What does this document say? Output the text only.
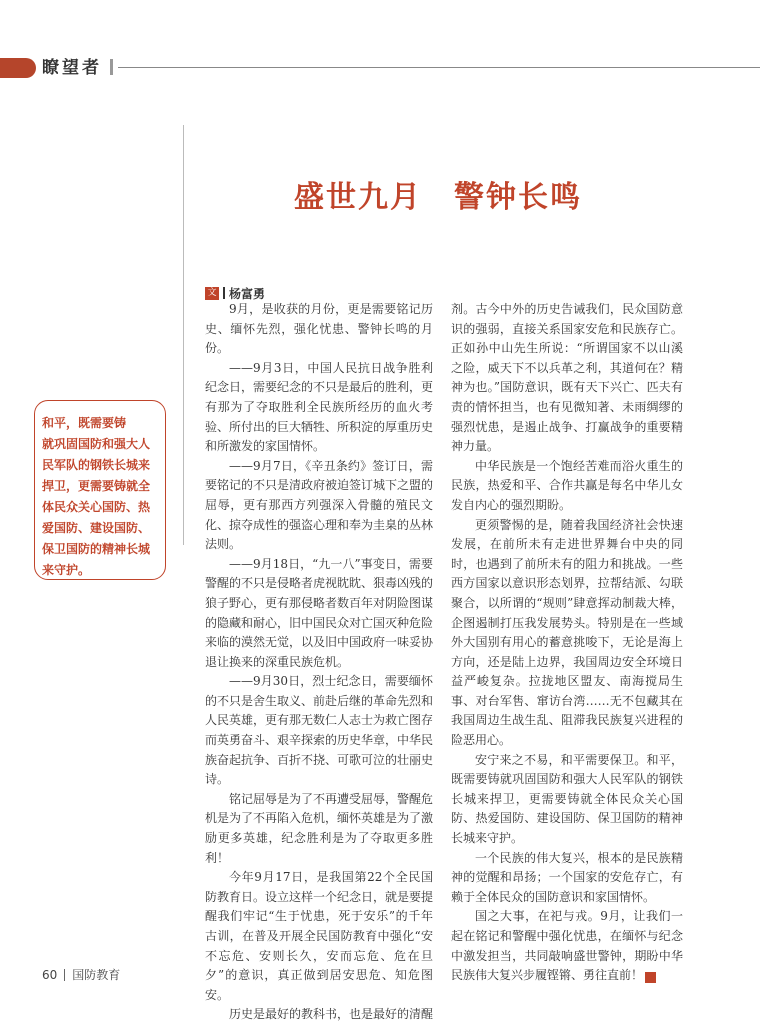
瞭望者
盛世九月　警钟长鸣
文 杨富勇

9月，是收获的月份，更是需要铭记历史、缅怀先烈，强化忧患、警钟长鸣的月份。

——9月3日，中国人民抗日战争胜利纪念日，需要纪念的不只是最后的胜利，更有那为了夺取胜利全民族所经历的血火考验、所付出的巨大牺牲、所积淀的厚重历史和所激发的家国情怀。

——9月7日，《辛丑条约》签订日，需要铭记的不只是清政府被迫签订城下之盟的屈辱，更有那西方列强深入骨髓的殖民文化、掠夺成性的强盗心理和奉为圭臬的丛林法则。

——9月18日，“九一八”事变日，需要警醒的不只是侵略者虎视眈眈、狠毒凶残的狼子野心，更有那侵略者数百年对阴险图谋的隐藏和耐心，旧中国民众对亡国灭种危险来临的漠然无觉，以及旧中国政府一味妥协退让换来的深重民族危机。

——9月30日，烈士纪念日，需要缅怀的不只是舍生取义、前赴后继的革命先烈和人民英雄，更有那无数仁人志士为救亡图存而英勇奋斗、艰辛探索的历史华章，中华民族奋起抗争、百折不挠、可歌可泣的壮丽史诗。

铭记屈辱是为了不再遭受屈辱，警醒危机是为了不再陷入危机，缅怀英雄是为了激励更多英雄，纪念胜利是为了夺取更多胜利！

今年9月17日，是我国第22个全民国防教育日。设立这样一个纪念日，就是要提醒我们牢记“生于忧患，死于安乐”的千年古训，在普及开展全民国防教育中强化“安不忘危、安则长久，安而忘危、危在旦夕”的意识，真正做到居安思危、知危图安。

历史是最好的教科书，也是最好的清醒

剂。古今中外的历史告诫我们，民众国防意识的强弱，直接关系国家安危和民族存亡。正如孙中山先生所说：“所谓国家不以山溪之险，威天下不以兵革之利，其道何在？精神为也。”国防意识，既有天下兴亡、匹夫有责的情怀担当，也有见微知著、未雨绸缪的强烈忧患，是遏止战争、打赢战争的重要精神力量。

中华民族是一个饱经苦难而浴火重生的民族，热爱和平、合作共赢是每名中华儿女发自内心的强烈期盼。

更须警惕的是，随着我国经济社会快速发展，在前所未有走进世界舞台中央的同时，也遇到了前所未有的阻力和挑战。一些西方国家以意识形态划界，拉帮结派、勾联聚合，以所谓的“规则”肆意挥动制裁大棒，企图遏制打压我发展势头。特别是在一些域外大国别有用心的蓄意挑唆下，无论是海上方向，还是陆上边界，我国周边安全环境日益严峻复杂。拉拢地区盟友、南海搅局生事、对台军售、窜访台湾……无不包藏其在我国周边生战生乱、阻滞我民族复兴进程的险恶用心。

安宁来之不易，和平需要保卫。和平，既需要铸就巩固国防和强大人民军队的钢铁长城来捍卫，更需要铸就全体民众关心国防、热爱国防、建设国防、保卫国防的精神长城来守护。

一个民族的伟大复兴，根本的是民族精神的觉醒和昂扬；一个国家的安危存亡，有赖于全体民众的国防意识和家国情怀。

国之大事，在祀与戎。9月，让我们一起在铭记和警醒中强化忧患，在缅怀与纪念中激发担当，共同敲响盛世警钟，期盼中华民族伟大复兴步履铿锵、勇往直前！	G

和平，既需要铸
就巩固国防和强大人
民军队的钢铁长城来
捍卫，更需要铸就全
体民众关心国防、热
爱国防、建设国防、
保卫国防的精神长城
来守护。
60 国防教育
